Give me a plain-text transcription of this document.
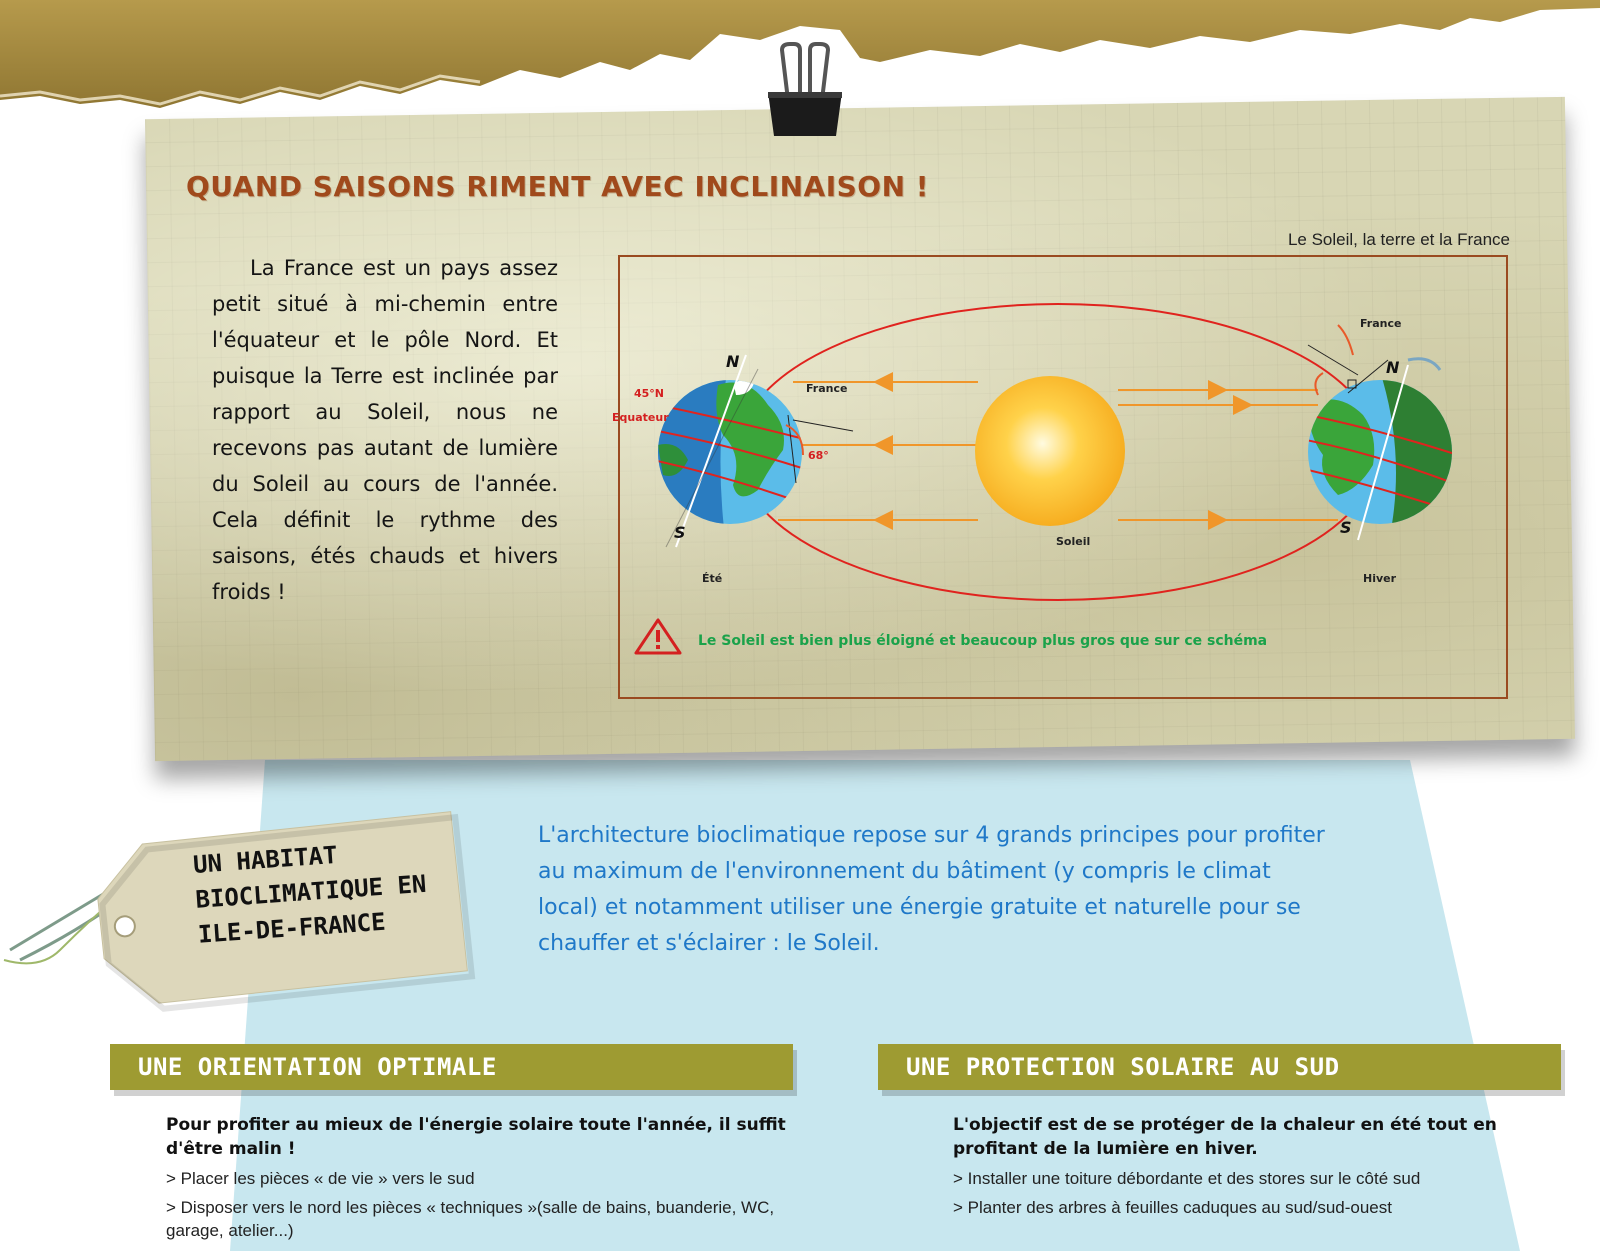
QUAND SAISONS RIMENT AVEC INCLINAISON !

La France est un pays assez petit situé à mi-chemin entre l'équateur et le pôle Nord. Et puisque la Terre est inclinée par rapport au Soleil, nous ne recevons pas autant de lumière du Soleil au cours de l'année. Cela définit le rythme des saisons, étés chauds et hivers froids !

Le Soleil, la terre et la France
Soleil
N
S
45°N
Equateur
France
68°
Été
France
N
S
Hiver
Le Soleil est bien plus éloigné et beaucoup plus gros que sur ce schéma

UN HABITAT BIOCLIMATIQUE EN ILE-DE-FRANCE

L'architecture bioclimatique repose sur 4 grands principes pour profiter au maximum de l'environnement du bâtiment (y compris le climat local) et notamment utiliser une énergie gratuite et naturelle pour se chauffer et s'éclairer : le Soleil.

UNE ORIENTATION OPTIMALE	UNE PROTECTION SOLAIRE AU SUD

Pour profiter au mieux de l'énergie solaire toute l'année, il suffit d'être malin !

> Placer les pièces « de vie » vers le sud

> Disposer vers le nord les pièces « techniques »(salle de bains, buanderie, WC, garage, atelier...)

L'objectif est de se protéger de la chaleur en été tout en profitant de la lumière en hiver.

> Installer une toiture débordante et des stores sur le côté sud

> Planter des arbres à feuilles caduques au sud/sud-ouest
